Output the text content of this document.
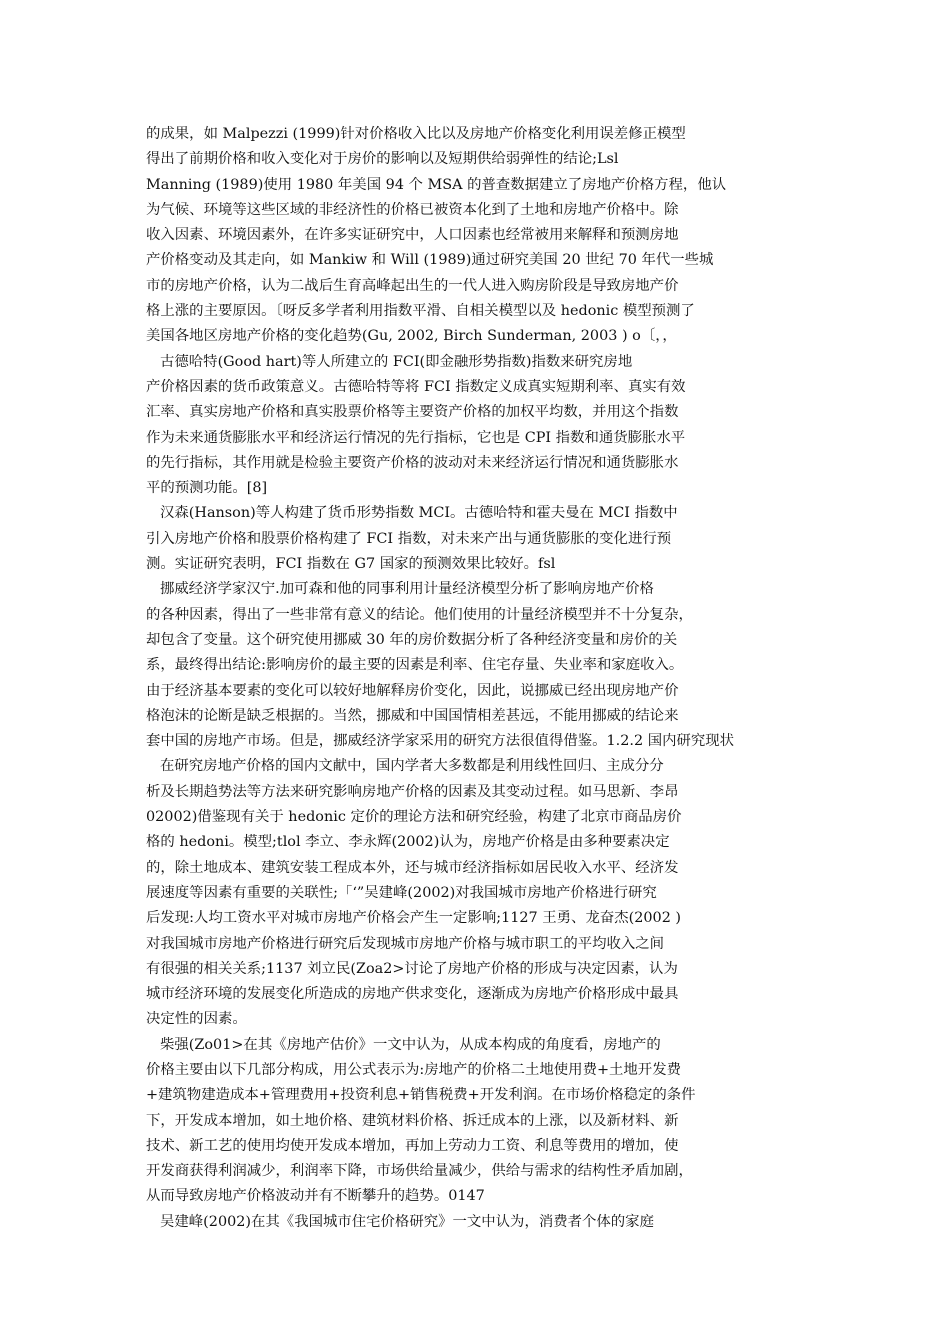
的成果，如 Malpezzi (1999)针对价格收入比以及房地产价格变化利用误差修正模型
得出了前期价格和收入变化对于房价的影响以及短期供给弱弹性的结论;Lsl
Manning (1989)使用 1980 年美国 94 个 MSA 的普查数据建立了房地产价格方程，他认
为气候、环境等这些区域的非经济性的价格已被资本化到了土地和房地产价格中。除
收入因素、环境因素外，在许多实证研究中，人口因素也经常被用来解释和预测房地
产价格变动及其走向，如 Mankiw 和 Will (1989)通过研究美国 20 世纪 70 年代一些城
市的房地产价格，认为二战后生育高峰起出生的一代人进入购房阶段是导致房地产价
格上涨的主要原因。〔呀反多学者利用指数平滑、自相关模型以及 hedonic 模型预测了
美国各地区房地产价格的变化趋势(Gu, 2002, Birch Sunderman, 2003 ) o〔，，
古德哈特(Good hart)等人所建立的 FCI(即金融形势指数)指数来研究房地
产价格因素的货币政策意义。古德哈特等将 FCI 指数定义成真实短期利率、真实有效
汇率、真实房地产价格和真实股票价格等主要资产价格的加权平均数，并用这个指数
作为未来通货膨胀水平和经济运行情况的先行指标，它也是 CPI 指数和通货膨胀水平
的先行指标，其作用就是检验主要资产价格的波动对未来经济运行情况和通货膨胀水
平的预测功能。[8]
汉森(Hanson)等人构建了货币形势指数 MCI。古德哈特和霍夫曼在 MCI 指数中
引入房地产价格和股票价格构建了 FCI 指数，对未来产出与通货膨胀的变化进行预
测。实证研究表明，FCI 指数在 G7 国家的预测效果比较好。fsl
挪威经济学家汉宁.加可森和他的同事利用计量经济模型分析了影响房地产价格
的各种因素，得出了一些非常有意义的结论。他们使用的计量经济模型并不十分复杂，
却包含了变量。这个研究使用挪威 30 年的房价数据分析了各种经济变量和房价的关
系，最终得出结论:影响房价的最主要的因素是利率、住宅存量、失业率和家庭收入。
由于经济基本要素的变化可以较好地解释房价变化，因此，说挪威已经出现房地产价
格泡沫的论断是缺乏根据的。当然，挪威和中国国情相差甚远，不能用挪威的结论来
套中国的房地产市场。但是，挪威经济学家采用的研究方法很值得借鉴。1.2.2 国内研究现状
在研究房地产价格的国内文献中，国内学者大多数都是利用线性回归、主成分分
析及长期趋势法等方法来研究影响房地产价格的因素及其变动过程。如马思新、李昂
02002)借鉴现有关于 hedonic 定价的理论方法和研究经验，构建了北京市商品房价
格的 hedoni。模型;tlol 李立、李永辉(2002)认为，房地产价格是由多种要素决定
的，除土地成本、建筑安装工程成本外，还与城市经济指标如居民收入水平、经济发
展速度等因素有重要的关联性;「‘”吴建峰(2002)对我国城市房地产价格进行研究
后发现:人均工资水平对城市房地产价格会产生一定影响;1127 王勇、龙奋杰(2002 )
对我国城市房地产价格进行研究后发现城市房地产价格与城市职工的平均收入之间
有很强的相关关系;1137 刘立民(Zoa2>讨论了房地产价格的形成与决定因素，认为
城市经济环境的发展变化所造成的房地产供求变化，逐渐成为房地产价格形成中最具
决定性的因素。
柴强(Zo01>在其《房地产估价》一文中认为，从成本构成的角度看，房地产的
价格主要由以下几部分构成，用公式表示为:房地产的价格二土地使用费+土地开发费
+建筑物建造成本+管理费用+投资利息+销售税费+开发利润。在市场价格稳定的条件
下，开发成本增加，如土地价格、建筑材料价格、拆迁成本的上涨，以及新材料、新
技术、新工艺的使用均使开发成本增加，再加上劳动力工资、利息等费用的增加，使
开发商获得利润减少，利润率下降，市场供给量减少，供给与需求的结构性矛盾加剧，
从而导致房地产价格波动并有不断攀升的趋势。0147
吴建峰(2002)在其《我国城市住宅价格研究》一文中认为，消费者个体的家庭
